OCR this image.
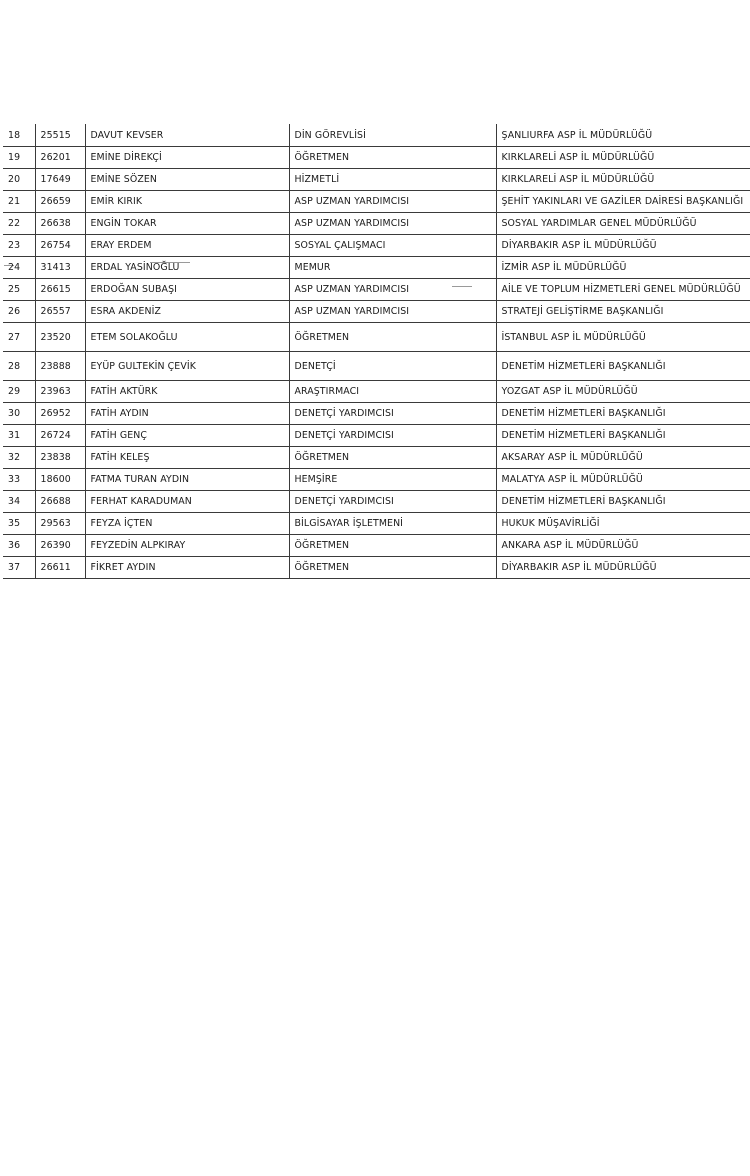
18	25515	DAVUT KEVSER	DİN GÖREVLİSİ	ŞANLIURFA ASP İL MÜDÜRLÜĞÜ
19	26201	EMİNE DİREKÇİ	ÖĞRETMEN	KIRKLARELİ ASP İL MÜDÜRLÜĞÜ
20	17649	EMİNE SÖZEN	HİZMETLİ	KIRKLARELİ ASP İL MÜDÜRLÜĞÜ
21	26659	EMİR KIRIK	ASP UZMAN YARDIMCISI	ŞEHİT YAKINLARI VE GAZİLER DAİRESİ BAŞKANLIĞI
22	26638	ENGİN TOKAR	ASP UZMAN YARDIMCISI	SOSYAL YARDIMLAR GENEL MÜDÜRLÜĞÜ
23	26754	ERAY ERDEM	SOSYAL ÇALIŞMACI	DİYARBAKIR ASP İL MÜDÜRLÜĞÜ
24	31413	ERDAL YASİNOĞLU	MEMUR	İZMİR ASP İL MÜDÜRLÜĞÜ
25	26615	ERDOĞAN SUBAŞI	ASP UZMAN YARDIMCISI	AİLE VE TOPLUM HİZMETLERİ GENEL MÜDÜRLÜĞÜ
26	26557	ESRA AKDENİZ	ASP UZMAN YARDIMCISI	STRATEJİ GELİŞTİRME BAŞKANLIĞI
27	23520	ETEM SOLAKOĞLU	ÖĞRETMEN	İSTANBUL ASP İL MÜDÜRLÜĞÜ
28	23888	EYÜP GULTEKİN ÇEVİK	DENETÇİ	DENETİM HİZMETLERİ BAŞKANLIĞI
29	23963	FATİH AKTÜRK	ARAŞTIRMACI	YOZGAT ASP İL MÜDÜRLÜĞÜ
30	26952	FATİH AYDIN	DENETÇİ YARDIMCISI	DENETİM HİZMETLERİ BAŞKANLIĞI
31	26724	FATİH GENÇ	DENETÇİ YARDIMCISI	DENETİM HİZMETLERİ BAŞKANLIĞI
32	23838	FATİH KELEŞ	ÖĞRETMEN	AKSARAY ASP İL MÜDÜRLÜĞÜ
33	18600	FATMA TURAN AYDIN	HEMŞİRE	MALATYA ASP İL MÜDÜRLÜĞÜ
34	26688	FERHAT KARADUMAN	DENETÇİ YARDIMCISI	DENETİM HİZMETLERİ BAŞKANLIĞI
35	29563	FEYZA İÇTEN	BİLGİSAYAR İŞLETMENİ	HUKUK MÜŞAVİRLİĞİ
36	26390	FEYZEDİN ALPKIRAY	ÖĞRETMEN	ANKARA ASP İL MÜDÜRLÜĞÜ
37	26611	FİKRET AYDIN	ÖĞRETMEN	DİYARBAKIR ASP İL MÜDÜRLÜĞÜ
